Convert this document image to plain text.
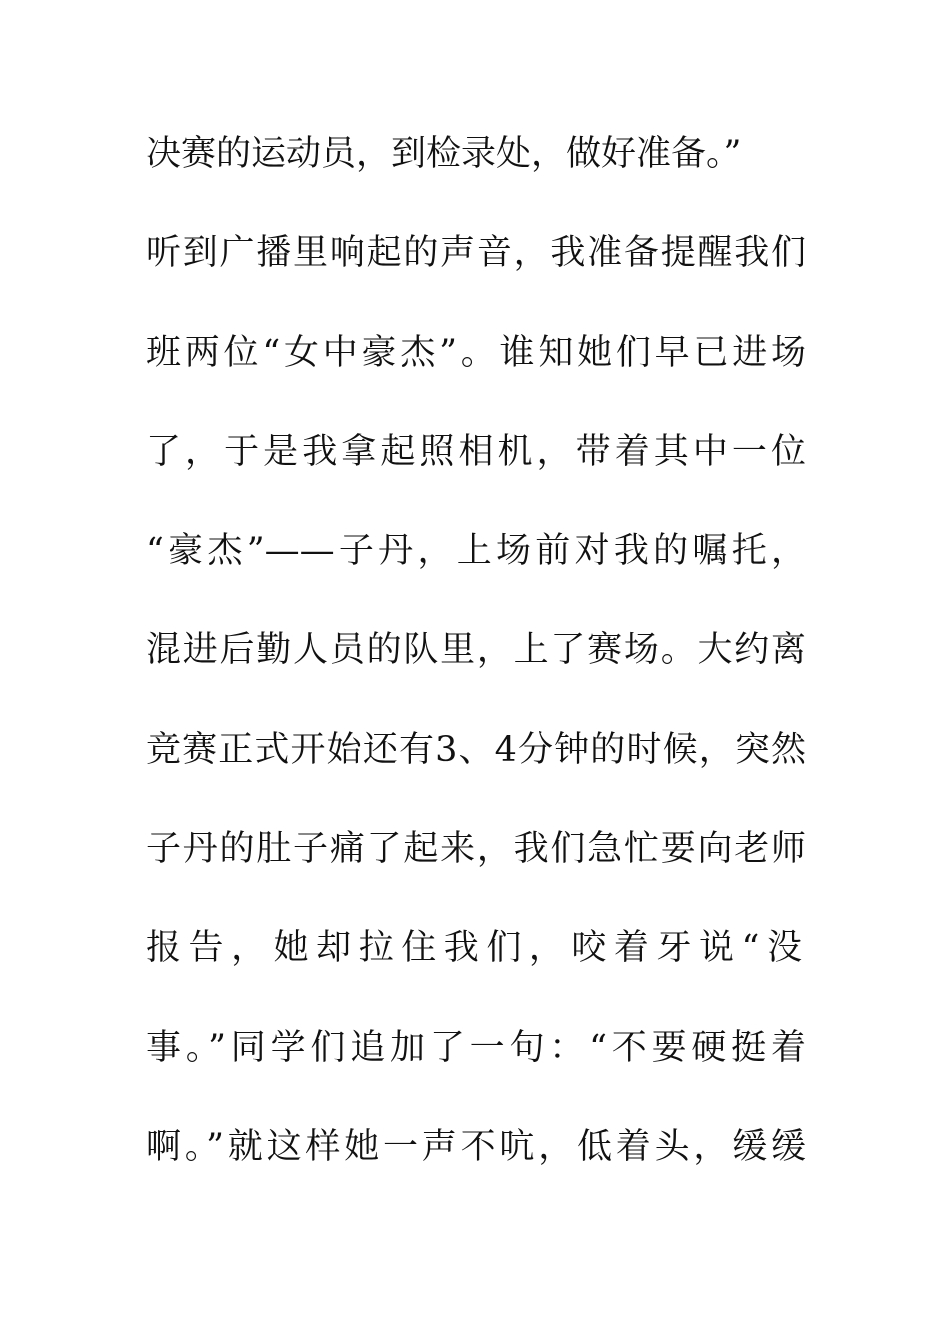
决赛的运动员，到检录处，做好准备。”
听到广播里响起的声音，我准备提醒我们
班两位“女中豪杰”。谁知她们早已进场
了，于是我拿起照相机，带着其中一位
“豪杰”——子丹，上场前对我的嘱托，
混进后勤人员的队里，上了赛场。大约离
竞赛正式开始还有3、4分钟的时候，突然
子丹的肚子痛了起来，我们急忙要向老师
报告，她却拉住我们，咬着牙说“没
事。”同学们追加了一句：“不要硬挺着
啊。”就这样她一声不吭，低着头，缓缓
